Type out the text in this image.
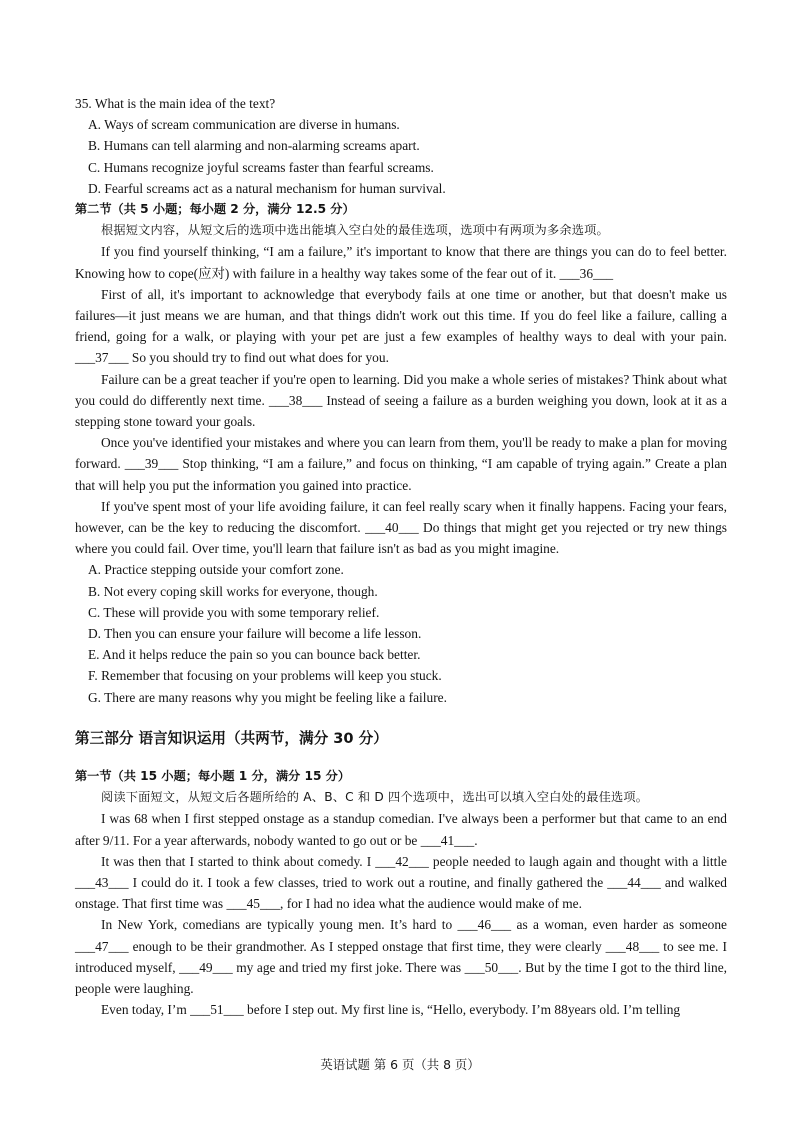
35. What is the main idea of the text?

A. Ways of scream communication are diverse in humans.

B. Humans can tell alarming and non-alarming screams apart.

C. Humans recognize joyful screams faster than fearful screams.

D. Fearful screams act as a natural mechanism for human survival.

第二节（共 5 小题；每小题 2 分，满分 12.5 分）

根据短文内容，从短文后的选项中选出能填入空白处的最佳选项，选项中有两项为多余选项。

If you find yourself thinking, “I am a failure,” it's important to know that there are things you can do to feel better. Knowing how to cope(应对) with failure in a healthy way takes some of the fear out of it. ___36___

First of all, it's important to acknowledge that everybody fails at one time or another, but that doesn't make us failures—it just means we are human, and that things didn't work out this time. If you do feel like a failure, calling a friend, going for a walk, or playing with your pet are just a few examples of healthy ways to deal with your pain. ___37___ So you should try to find out what does for you.

Failure can be a great teacher if you're open to learning. Did you make a whole series of mistakes? Think about what you could do differently next time. ___38___ Instead of seeing a failure as a burden weighing you down, look at it as a stepping stone toward your goals.

Once you've identified your mistakes and where you can learn from them, you'll be ready to make a plan for moving forward. ___39___ Stop thinking, “I am a failure,” and focus on thinking, “I am capable of trying again.” Create a plan that will help you put the information you gained into practice.

If you've spent most of your life avoiding failure, it can feel really scary when it finally happens. Facing your fears, however, can be the key to reducing the discomfort. ___40___ Do things that might get you rejected or try new things where you could fail. Over time, you'll learn that failure isn't as bad as you might imagine.

A. Practice stepping outside your comfort zone.

B. Not every coping skill works for everyone, though.

C. These will provide you with some temporary relief.

D. Then you can ensure your failure will become a life lesson.

E. And it helps reduce the pain so you can bounce back better.

F. Remember that focusing on your problems will keep you stuck.

G. There are many reasons why you might be feeling like a failure.

第三部分 语言知识运用（共两节，满分 30 分）

第一节（共 15 小题；每小题 1 分，满分 15 分）

阅读下面短文，从短文后各题所给的 A、B、C 和 D 四个选项中，选出可以填入空白处的最佳选项。

I was 68 when I first stepped onstage as a standup comedian. I've always been a performer but that came to an end after 9/11. For a year afterwards, nobody wanted to go out or be ___41___.

It was then that I started to think about comedy. I ___42___ people needed to laugh again and thought with a little ___43___ I could do it. I took a few classes, tried to work out a routine, and finally gathered the ___44___ and walked onstage. That first time was ___45___, for I had no idea what the audience would make of me.

In New York, comedians are typically young men. It’s hard to ___46___ as a woman, even harder as someone ___47___ enough to be their grandmother. As I stepped onstage that first time, they were clearly ___48___ to see me. I introduced myself, ___49___ my age and tried my first joke. There was ___50___. But by the time I got to the third line, people were laughing.

Even today, I’m ___51___ before I step out. My first line is, “Hello, everybody. I’m 88years old. I’m telling

英语试题 第 6 页（共 8 页）
